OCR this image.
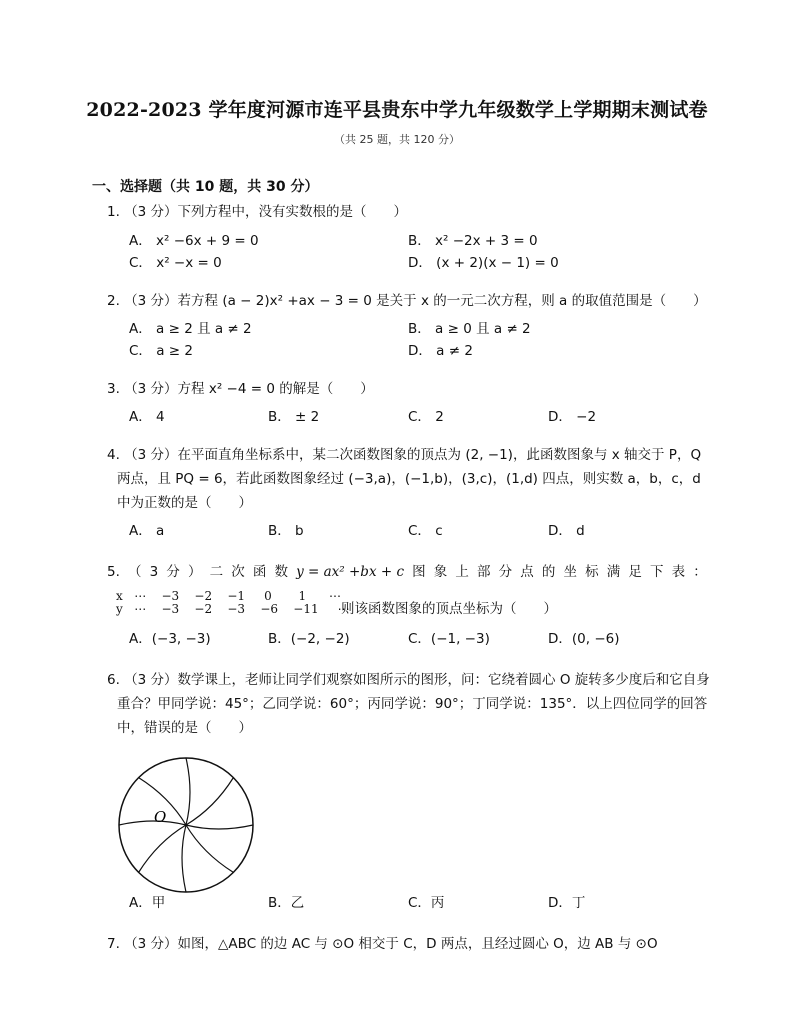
2022-2023 学年度河源市连平县贵东中学九年级数学上学期期末测试卷
（共 25 题，共 120 分）
一、选择题（共 10 题，共 30 分）
1. （3 分）下列方程中，没有实数根的是（　　）
A． x² −6x + 9 = 0	B． x² −2x + 3 = 0
C． x² −x = 0	D． (x + 2)(x − 1) = 0
2. （3 分）若方程 (a − 2)x² +ax − 3 = 0 是关于 x 的一元二次方程，则 a 的取值范围是（　　）
A． a ≥ 2 且 a ≠ 2	B． a ≥ 0 且 a ≠ 2
C． a ≥ 2	D． a ≠ 2
3. （3 分）方程 x² −4 = 0 的解是（　　）
A． 4	B． ± 2	C． 2	D． −2
4. （3 分）在平面直角坐标系中，某二次函数图象的顶点为 (2, −1)，此函数图象与 x 轴交于 P，Q
两点，且 PQ = 6，若此函数图象经过 (−3,a)，(−1,b)，(3,c)，(1,d) 四点，则实数 a，b，c，d
中为正数的是（　　）
A． a	B． b	C． c	D． d
5. （ 3 分 ） 二 次 函 数 y = ax² +bx + c 图 象 上 部 分 点 的 坐 标 满 足 下 表 ：
x   ⋯    −3    −2    −1     0       1      ⋯
y   ⋯    −3    −2    −3    −6    −11     ⋯
则该函数图象的顶点坐标为（　　）
A．(−3, −3)	B．(−2, −2)	C．(−1, −3)	D．(0, −6)
6. （3 分）数学课上，老师让同学们观察如图所示的图形，问：它绕着圆心 O 旋转多少度后和它自身
重合？甲同学说：45°；乙同学说：60°；丙同学说：90°；丁同学说：135°．以上四位同学的回答
中，错误的是（　　）
O
A．甲	B．乙	C．丙	D．丁
7. （3 分）如图，△ABC 的边 AC 与 ⊙O 相交于 C，D 两点，且经过圆心 O，边 AB 与 ⊙O
